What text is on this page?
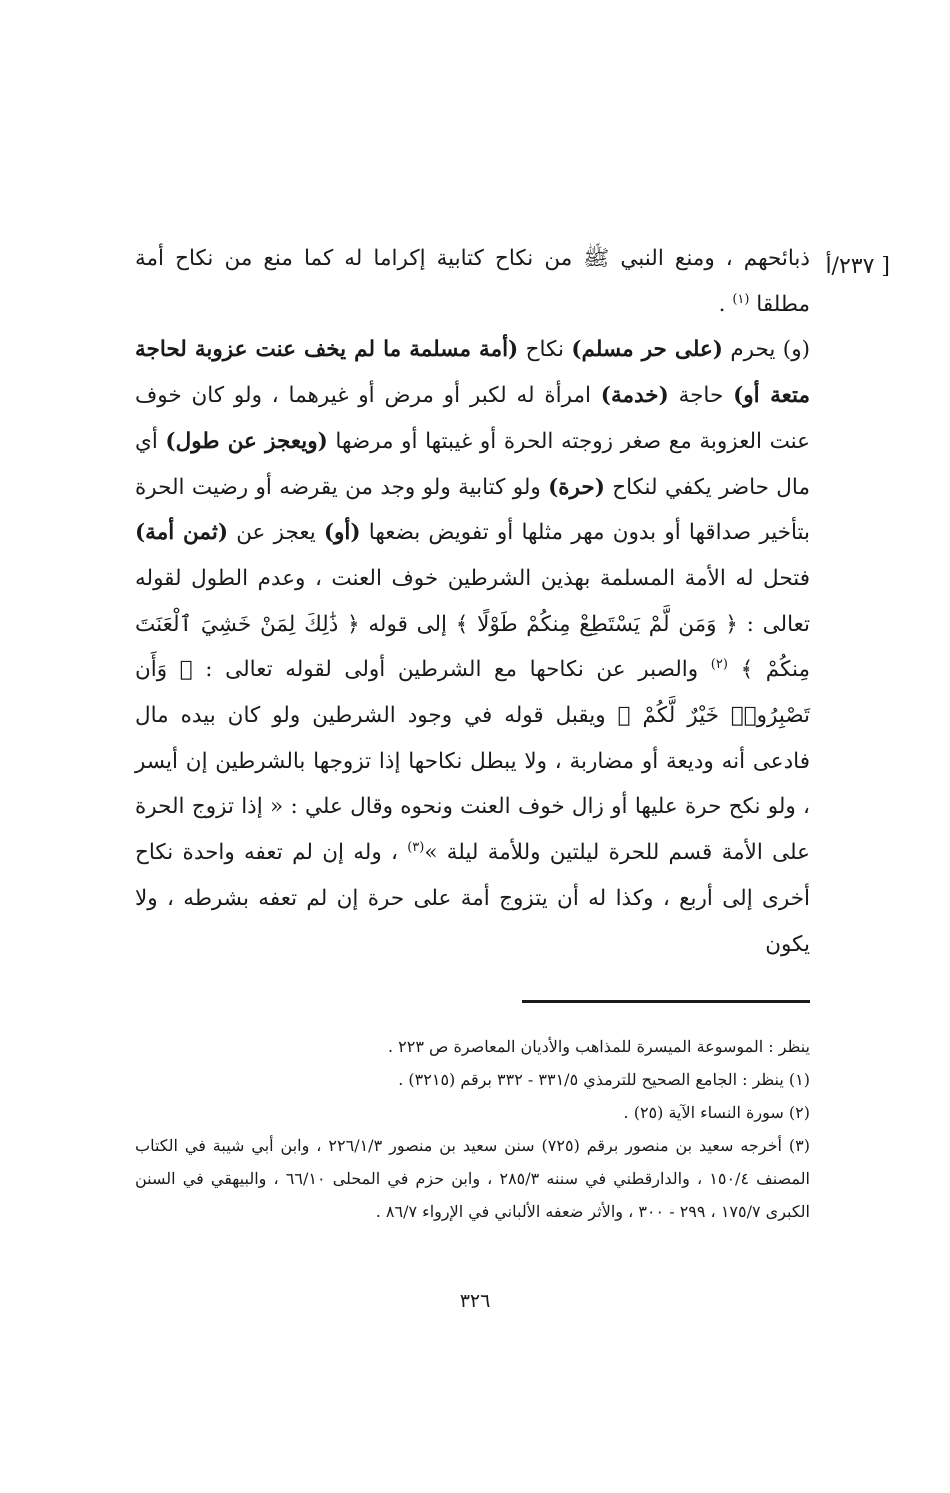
[ ٢٣٧/أ

ذبائحهم ، ومنع النبي ﷺ من نكاح كتابية إكراما له كما منع من نكاح أمة مطلقا $^{(١)}$ .

(و) يحرم (على حر مسلم) نكاح (أمة مسلمة ما لم يخف عنت عزوبة لحاجة متعة أو) حاجة (خدمة) امرأة له لكبر أو مرض أو غيرهما ، ولو كان خوف عنت العزوبة مع صغر زوجته الحرة أو غيبتها أو مرضها (ويعجز عن طول) أي مال حاضر يكفي لنكاح (حرة) ولو كتابية ولو وجد من يقرضه أو رضيت الحرة بتأخير صداقها أو بدون مهر مثلها أو تفويض بضعها (أو) يعجز عن (ثمن أمة) فتحل له الأمة المسلمة بهذين الشرطين خوف العنت ، وعدم الطول لقوله تعالى : ﴿ وَمَن لَّمْ يَسْتَطِعْ مِنكُمْ طَوْلًا ﴾ إلى قوله ﴿ ذَٰلِكَ لِمَنْ خَشِيَ ٱلْعَنَتَ مِنكُمْ ﴾ $^{(٢)}$ والصبر عن نكاحها مع الشرطين أولى لقوله تعالى : ﴿ وَأَن تَصْبِرُوا۟ خَيْرٌ لَّكُمْ ﴾ ويقبل قوله في وجود الشرطين ولو كان بيده مال فادعى أنه وديعة أو مضاربة ، ولا يبطل نكاحها إذا تزوجها بالشرطين إن أيسر ، ولو نكح حرة عليها أو زال خوف العنت ونحوه وقال علي : « إذا تزوج الحرة على الأمة قسم للحرة ليلتين وللأمة ليلة »$^{(٣)}$ ، وله إن لم تعفه واحدة نكاح أخرى إلى أربع ، وكذا له أن يتزوج أمة على حرة إن لم تعفه بشرطه ، ولا يكون

ينظر : الموسوعة الميسرة للمذاهب والأديان المعاصرة ص ٢٢٣ .

(١) ينظر : الجامع الصحيح للترمذي ٣٣١/٥ - ٣٣٢ برقم (٣٢١٥) .

(٢) سورة النساء الآية (٢٥) .

(٣) أخرجه سعيد بن منصور برقم (٧٢٥) سنن سعيد بن منصور ٢٢٦/١/٣ ، وابن أبي شيبة في الكتاب المصنف ١٥٠/٤ ، والدارقطني في سننه ٢٨٥/٣ ، وابن حزم في المحلى ٦٦/١٠ ، والبيهقي في السنن الكبرى ١٧٥/٧ ، ٢٩٩ - ٣٠٠ ، والأثر ضعفه الألباني في الإرواء ٨٦/٧ .

٣٢٦
